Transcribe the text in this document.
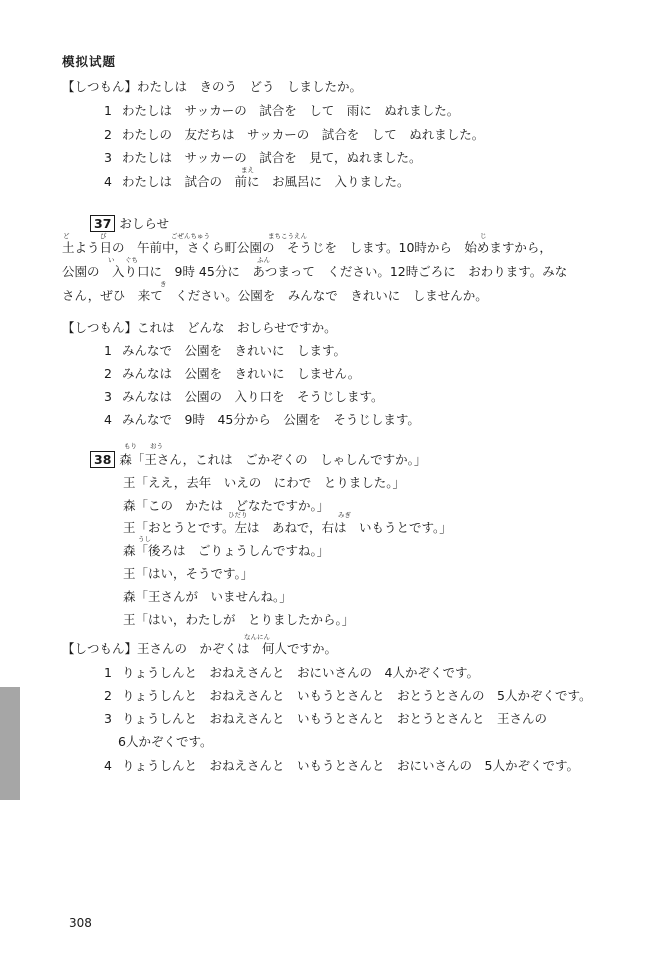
模拟试题
【しつもん】わたしは　きのう　どう　しましたか。
1 わたしは　サッカーの　試合を　して　雨に　ぬれました。
2 わたしの　友だちは　サッカーの　試合を　して　ぬれました。
3 わたしは　サッカーの　試合を　見て，ぬれました。
まえ
4 わたしは　試合の　前に　お風呂に　入りました。
37 おしらせ
ど	び	ごぜんちゅう	まちこうえん	じ
土よう日の　午前中，さくら町公園の　そうじを　します。10時から　始めますから，
い ぐち	ふん
公園の　入り口に　9時 45分に　あつまって　ください。12時ごろに　おわります。みな
き
さん，ぜひ　来て　ください。公園を　みんなで　きれいに　しませんか。
【しつもん】これは　どんな　おしらせですか。
1 みんなで　公園を　きれいに　します。
2 みんなは　公園を　きれいに　しません。
3 みんなは　公園の　入り口を　そうじします。
4 みんなで　9時　45分から　公園を　そうじします。
もり おう
38 森「王さん，これは　ごかぞくの　しゃしんですか。」
王「ええ，去年　いえの　にわで　とりました。」
森「この　かたは　どなたですか。」
ひだり	みぎ
王「おとうとです。左は　あねで，右は　いもうとです。」
うし
森「後ろは　ごりょうしんですね。」
王「はい，そうです。」
森「王さんが　いませんね。」
王「はい，わたしが　とりましたから。」
なんにん
【しつもん】王さんの　かぞくは　何人ですか。
1 りょうしんと　おねえさんと　おにいさんの　4人かぞくです。
2 りょうしんと　おねえさんと　いもうとさんと　おとうとさんの　5人かぞくです。
3 りょうしんと　おねえさんと　いもうとさんと　おとうとさんと　王さんの
6人かぞくです。
4 りょうしんと　おねえさんと　いもうとさんと　おにいさんの　5人かぞくです。
308
